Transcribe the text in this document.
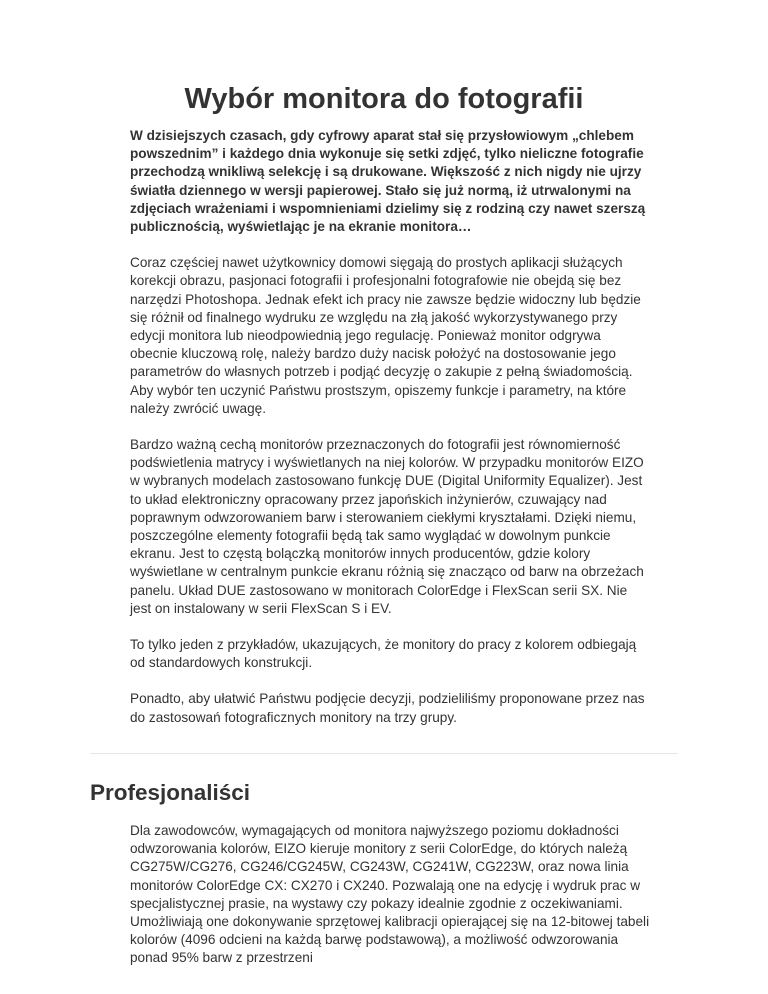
Wybór monitora do fotografii

W dzisiejszych czasach, gdy cyfrowy aparat stał się przysłowiowym „chlebem powszednim” i każdego dnia wykonuje się setki zdjęć, tylko nieliczne fotografie przechodzą wnikliwą selekcję i są drukowane. Większość z nich nigdy nie ujrzy światła dziennego w wersji papierowej. Stało się już normą, iż utrwalonymi na zdjęciach wrażeniami i wspomnieniami dzielimy się z rodziną czy nawet szerszą publicznością, wyświetlając je na ekranie monitora…

Coraz częściej nawet użytkownicy domowi sięgają do prostych aplikacji służących korekcji obrazu, pasjonaci fotografii i profesjonalni fotografowie nie obejdą się bez narzędzi Photoshopa. Jednak efekt ich pracy nie zawsze będzie widoczny lub będzie się różnił od finalnego wydruku ze względu na złą jakość wykorzystywanego przy edycji monitora lub nieodpowiednią jego regulację. Ponieważ monitor odgrywa obecnie kluczową rolę, należy bardzo duży nacisk położyć na dostosowanie jego parametrów do własnych potrzeb i podjąć decyzję o zakupie z pełną świadomością. Aby wybór ten uczynić Państwu prostszym, opiszemy funkcje i parametry, na które należy zwrócić uwagę.

Bardzo ważną cechą monitorów przeznaczonych do fotografii jest równomierność podświetlenia matrycy i wyświetlanych na niej kolorów. W przypadku monitorów EIZO w wybranych modelach zastosowano funkcję DUE (Digital Uniformity Equalizer). Jest to układ elektroniczny opracowany przez japońskich inżynierów, czuwający nad poprawnym odwzorowaniem barw i sterowaniem ciekłymi kryształami. Dzięki niemu, poszczególne elementy fotografii będą tak samo wyglądać w dowolnym punkcie ekranu. Jest to częstą bolączką monitorów innych producentów, gdzie kolory wyświetlane w centralnym punkcie ekranu różnią się znacząco od barw na obrzeżach panelu. Układ DUE zastosowano w monitorach ColorEdge i FlexScan serii SX. Nie jest on instalowany w serii FlexScan S i EV.

To tylko jeden z przykładów, ukazujących, że monitory do pracy z kolorem odbiegają od standardowych konstrukcji.

Ponadto, aby ułatwić Państwu podjęcie decyzji, podzieliliśmy proponowane przez nas do zastosowań fotograficznych monitory na trzy grupy.

Profesjonaliści

Dla zawodowców, wymagających od monitora najwyższego poziomu dokładności odwzorowania kolorów, EIZO kieruje monitory z serii ColorEdge, do których należą CG275W/CG276, CG246/CG245W, CG243W, CG241W, CG223W, oraz nowa linia monitorów ColorEdge CX: CX270 i CX240. Pozwalają one na edycję i wydruk prac w specjalistycznej prasie, na wystawy czy pokazy idealnie zgodnie z oczekiwaniami. Umożliwiają one dokonywanie sprzętowej kalibracji opierającej się na 12-bitowej tabeli kolorów (4096 odcieni na każdą barwę podstawową), a możliwość odwzorowania ponad 95% barw z przestrzeni
